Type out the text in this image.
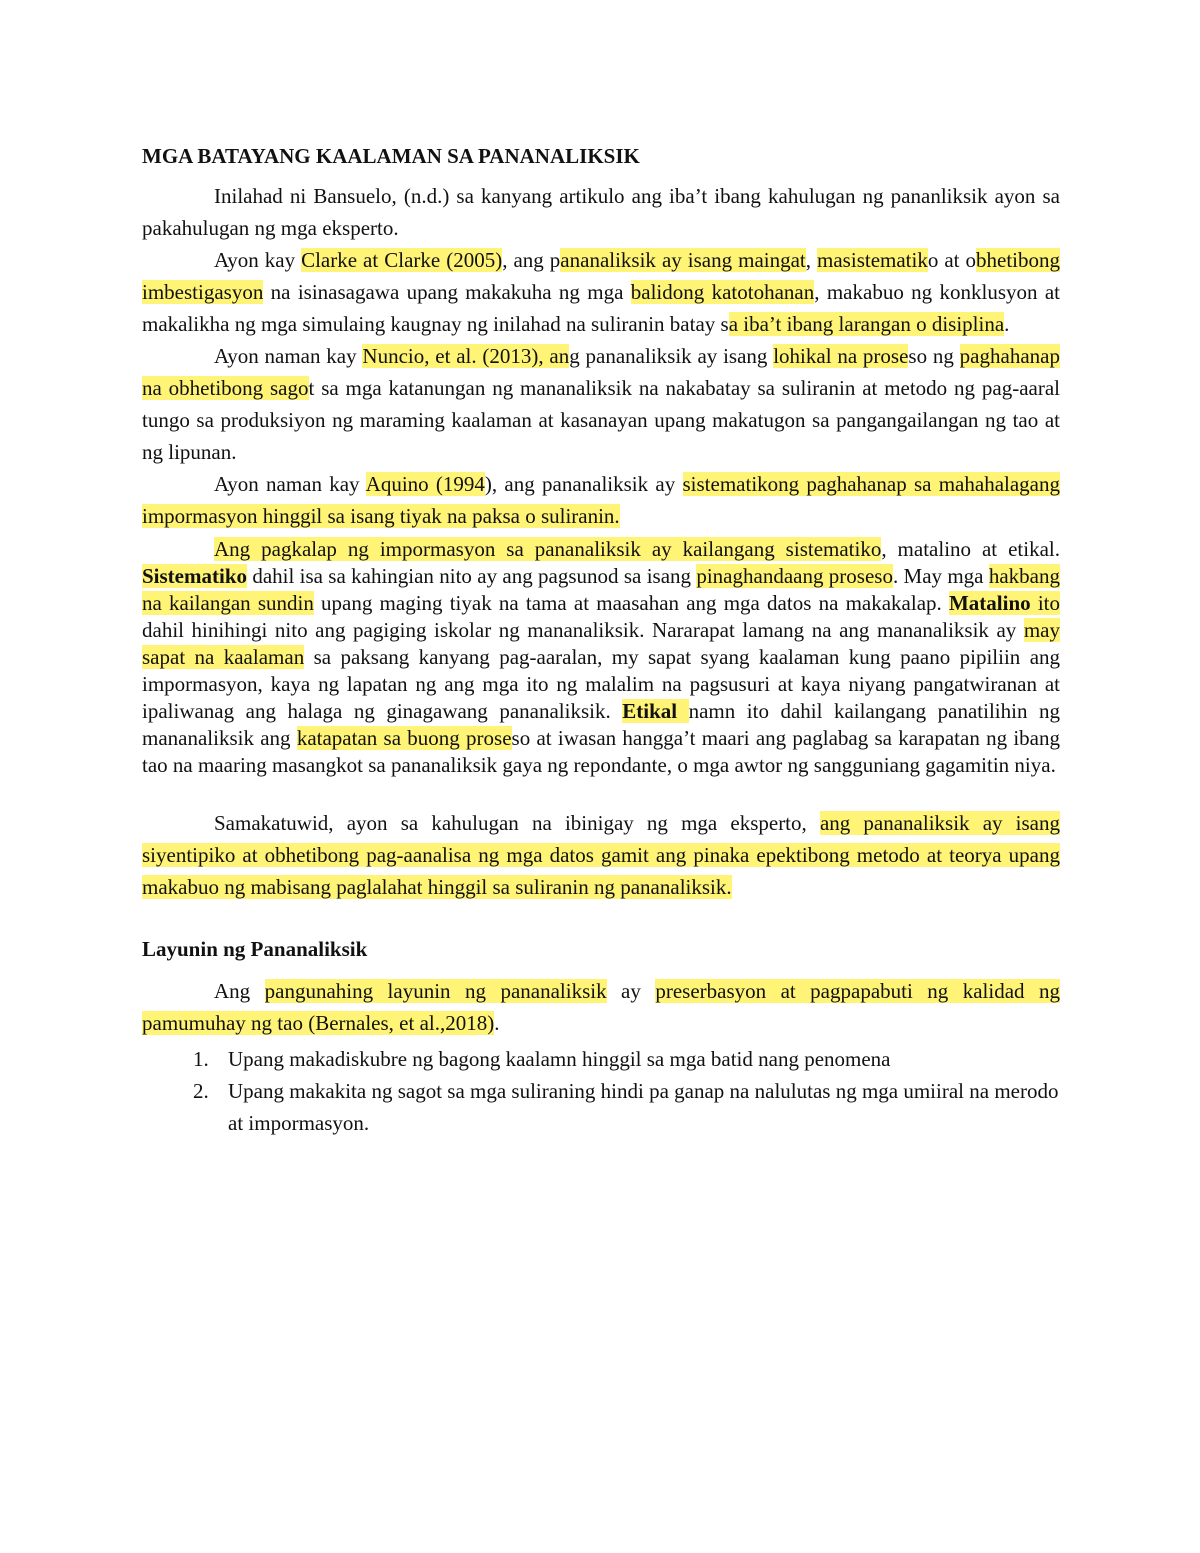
MGA BATAYANG KAALAMAN SA PANANALIKSIK

Inilahad ni Bansuelo, (n.d.) sa kanyang artikulo ang iba’t ibang kahulugan ng pananliksik ayon sa pakahulugan ng mga eksperto.

Ayon kay Clarke at Clarke (2005), ang pananaliksik ay isang maingat, masistematiko at obhetibong imbestigasyon na isinasagawa upang makakuha ng mga balidong katotohanan, makabuo ng konklusyon at makalikha ng mga simulaing kaugnay ng inilahad na suliranin batay sa iba’t ibang larangan o disiplina.

Ayon naman kay Nuncio, et al. (2013), ang pananaliksik ay isang lohikal na proseso ng paghahanap na obhetibong sagot sa mga katanungan ng mananaliksik na nakabatay sa suliranin at metodo ng pag-aaral tungo sa produksiyon ng maraming kaalaman at kasanayan upang makatugon sa pangangailangan ng tao at ng lipunan.

Ayon naman kay Aquino (1994), ang pananaliksik ay sistematikong paghahanap sa mahahalagang impormasyon hinggil sa isang tiyak na paksa o suliranin.

Ang pagkalap ng impormasyon sa pananaliksik ay kailangang sistematiko, matalino at etikal. Sistematiko dahil isa sa kahingian nito ay ang pagsunod sa isang pinaghandaang proseso. May mga hakbang na kailangan sundin upang maging tiyak na tama at maasahan ang mga datos na makakalap. Matalino ito dahil hinihingi nito ang pagiging iskolar ng mananaliksik. Nararapat lamang na ang mananaliksik ay may sapat na kaalaman sa paksang kanyang pag-aaralan, my sapat syang kaalaman kung paano pipiliin ang impormasyon, kaya ng lapatan ng ang mga ito ng malalim na pagsusuri at kaya niyang pangatwiranan at ipaliwanag ang halaga ng ginagawang pananaliksik. Etikal namn ito dahil kailangang panatilihin ng mananaliksik ang katapatan sa buong proseso at iwasan hangga’t maari ang paglabag sa karapatan ng ibang tao na maaring masangkot sa pananaliksik gaya ng repondante, o mga awtor ng sangguniang gagamitin niya.

Samakatuwid, ayon sa kahulugan na ibinigay ng mga eksperto, ang pananaliksik ay isang siyentipiko at obhetibong pag-aanalisa ng mga datos gamit ang pinaka epektibong metodo at teorya upang makabuo ng mabisang paglalahat hinggil sa suliranin ng pananaliksik.

Layunin ng Pananaliksik

Ang pangunahing layunin ng pananaliksik ay preserbasyon at pagpapabuti ng kalidad ng pamumuhay ng tao (Bernales, et al.,2018).

1. Upang makadiskubre ng bagong kaalamn hinggil sa mga batid nang penomena
2. Upang makakita ng sagot sa mga suliraning hindi pa ganap na nalulutas ng mga umiiral na merodo at impormasyon.
